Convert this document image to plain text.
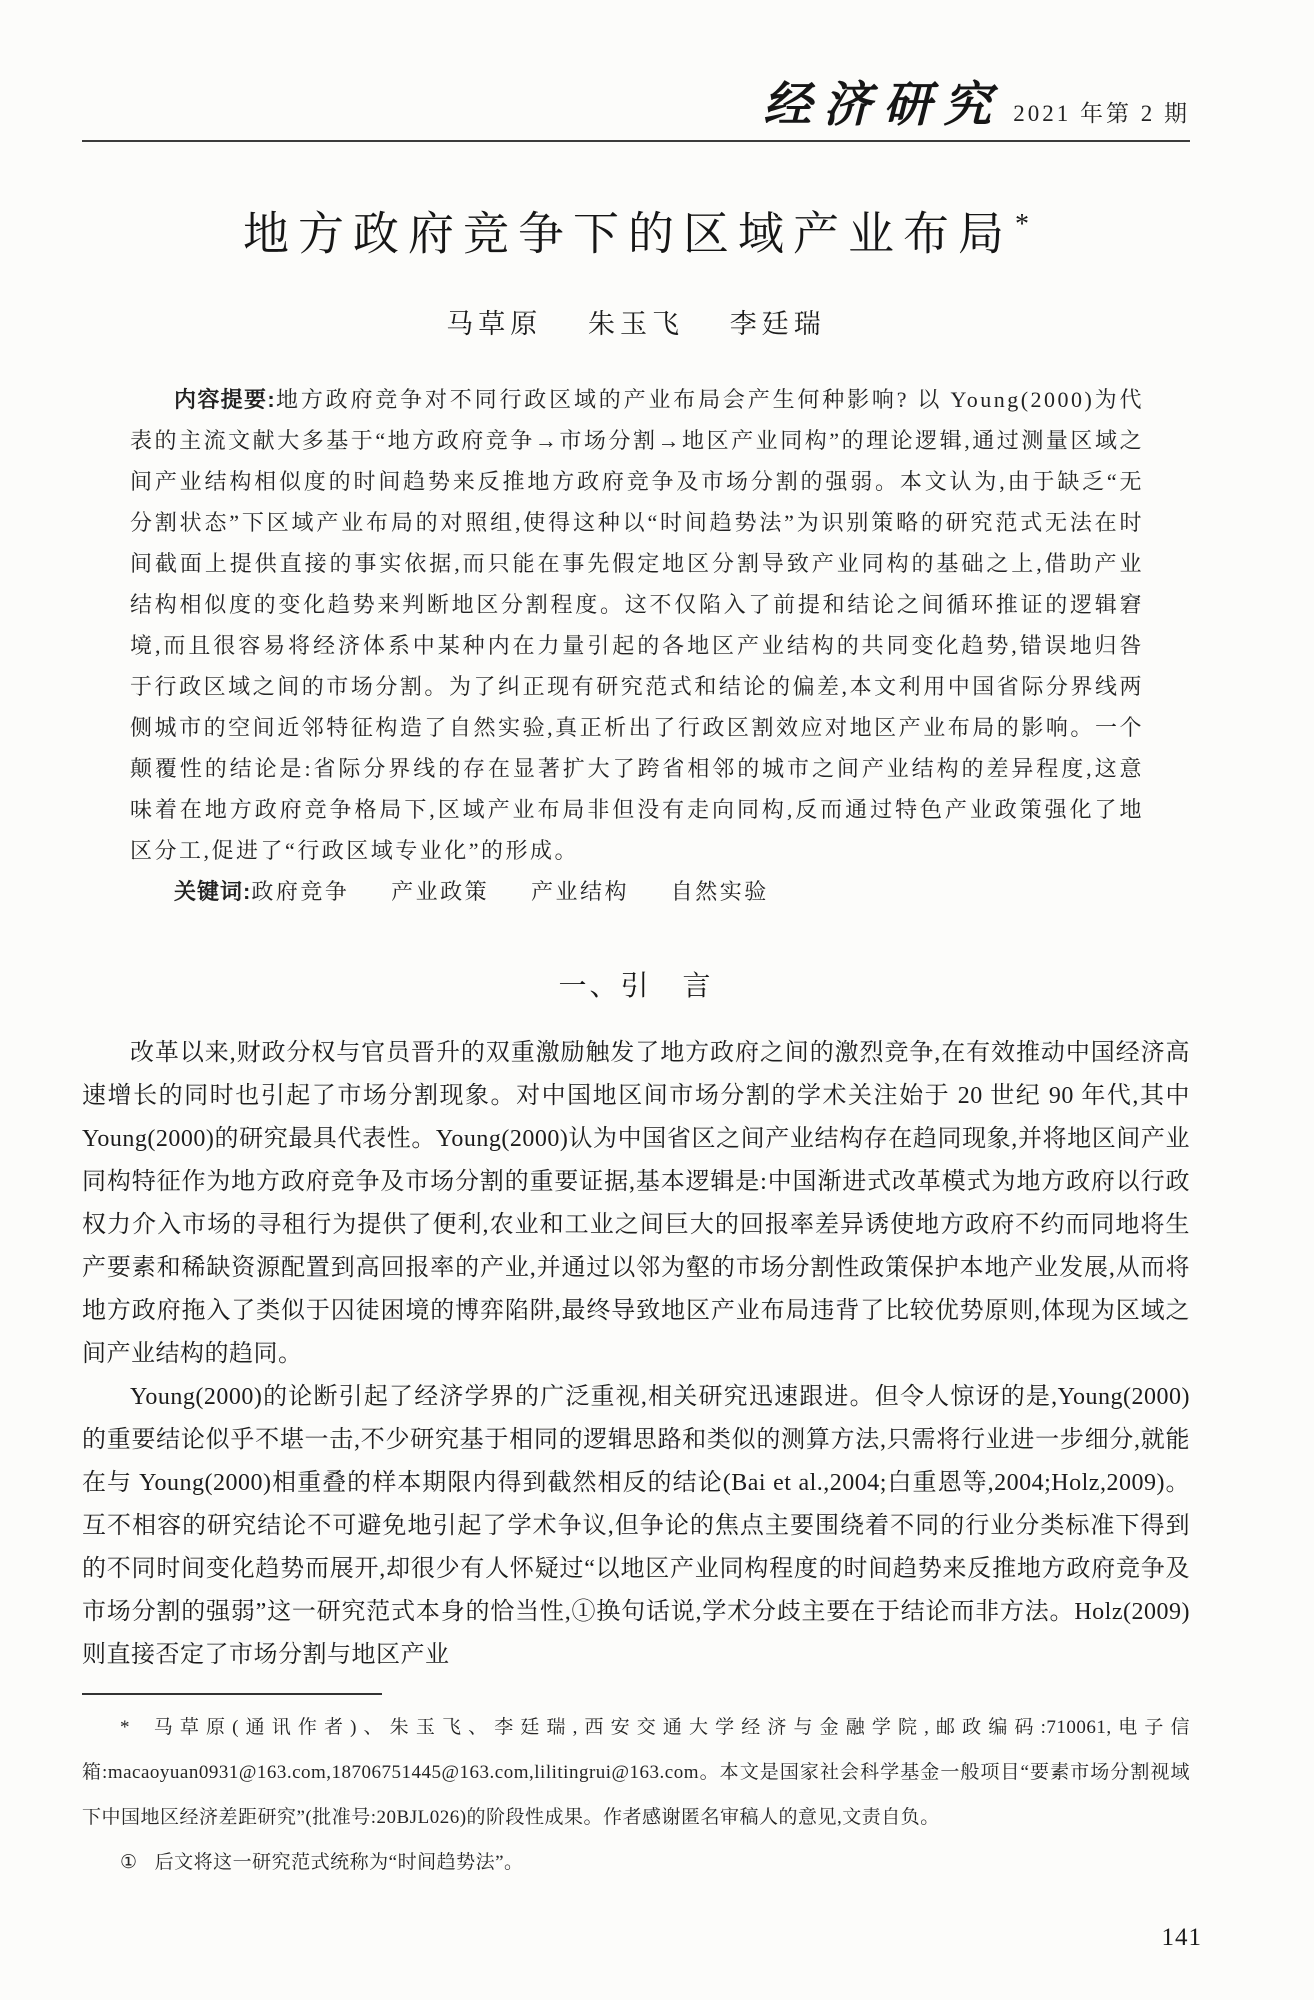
经济研究 2021 年第 2 期
地方政府竞争下的区域产业布局*
马草原 朱玉飞 李廷瑞

内容提要:地方政府竞争对不同行政区域的产业布局会产生何种影响? 以 Young(2000)为代表的主流文献大多基于“地方政府竞争→市场分割→地区产业同构”的理论逻辑,通过测量区域之间产业结构相似度的时间趋势来反推地方政府竞争及市场分割的强弱。本文认为,由于缺乏“无分割状态”下区域产业布局的对照组,使得这种以“时间趋势法”为识别策略的研究范式无法在时间截面上提供直接的事实依据,而只能在事先假定地区分割导致产业同构的基础之上,借助产业结构相似度的变化趋势来判断地区分割程度。这不仅陷入了前提和结论之间循环推证的逻辑窘境,而且很容易将经济体系中某种内在力量引起的各地区产业结构的共同变化趋势,错误地归咎于行政区域之间的市场分割。为了纠正现有研究范式和结论的偏差,本文利用中国省际分界线两侧城市的空间近邻特征构造了自然实验,真正析出了行政区割效应对地区产业布局的影响。一个颠覆性的结论是:省际分界线的存在显著扩大了跨省相邻的城市之间产业结构的差异程度,这意味着在地方政府竞争格局下,区域产业布局非但没有走向同构,反而通过特色产业政策强化了地区分工,促进了“行政区域专业化”的形成。

关键词:政府竞争 产业政策 产业结构 自然实验

一、引　言

改革以来,财政分权与官员晋升的双重激励触发了地方政府之间的激烈竞争,在有效推动中国经济高速增长的同时也引起了市场分割现象。对中国地区间市场分割的学术关注始于 20 世纪 90 年代,其中 Young(2000)的研究最具代表性。Young(2000)认为中国省区之间产业结构存在趋同现象,并将地区间产业同构特征作为地方政府竞争及市场分割的重要证据,基本逻辑是:中国渐进式改革模式为地方政府以行政权力介入市场的寻租行为提供了便利,农业和工业之间巨大的回报率差异诱使地方政府不约而同地将生产要素和稀缺资源配置到高回报率的产业,并通过以邻为壑的市场分割性政策保护本地产业发展,从而将地方政府拖入了类似于囚徒困境的博弈陷阱,最终导致地区产业布局违背了比较优势原则,体现为区域之间产业结构的趋同。

Young(2000)的论断引起了经济学界的广泛重视,相关研究迅速跟进。但令人惊讶的是,Young(2000)的重要结论似乎不堪一击,不少研究基于相同的逻辑思路和类似的测算方法,只需将行业进一步细分,就能在与 Young(2000)相重叠的样本期限内得到截然相反的结论(Bai et al.,2004;白重恩等,2004;Holz,2009)。互不相容的研究结论不可避免地引起了学术争议,但争论的焦点主要围绕着不同的行业分类标准下得到的不同时间变化趋势而展开,却很少有人怀疑过“以地区产业同构程度的时间趋势来反推地方政府竞争及市场分割的强弱”这一研究范式本身的恰当性,①换句话说,学术分歧主要在于结论而非方法。Holz(2009)则直接否定了市场分割与地区产业

* 马草原(通讯作者)、朱玉飞、李廷瑞,西安交通大学经济与金融学院,邮政编码:710061,电子信箱:macaoyuan0931@163.com,18706751445@163.com,lilitingrui@163.com。本文是国家社会科学基金一般项目“要素市场分割视域下中国地区经济差距研究”(批准号:20BJL026)的阶段性成果。作者感谢匿名审稿人的意见,文责自负。

① 后文将这一研究范式统称为“时间趋势法”。

141
